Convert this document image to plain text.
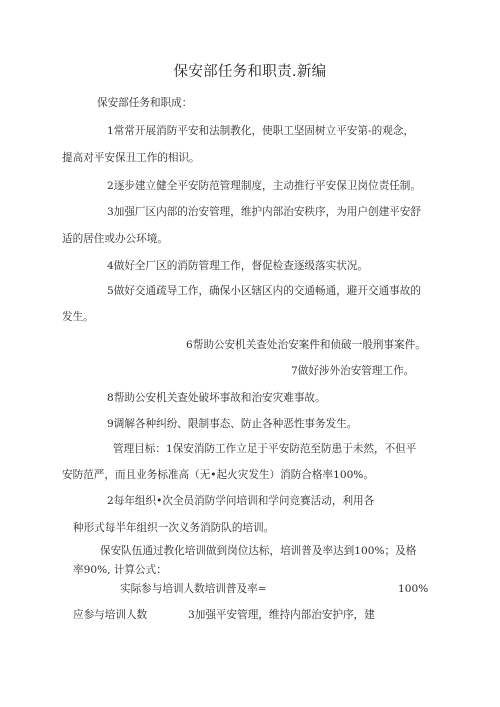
保安部任务和职责.新编
保安部任务和职成：
1常常开展消防平安和法制教化，使职工坚固树立平安第-的观念，
提高对平安保丑工作的相识。
2逐步建立健全平安防范管理制度，主动推行平安保卫岗位责任制。
3加强厂区内部的治安管理，维护内部治安秩序，为用户创建平安舒
适的居住或办公环境。
4做好全厂区的消防管理工作，督促检查逐级落实状况。
5做好交通疏导工作，确保小区辖区内的交通畅通，避开交通事故的
发生。
6帮助公安机关查处治安案件和侦破一般刑事案件。
7做好涉外治安管理工作。
8帮助公安机关查处破坏事故和治安灾难事故。
9调解各种纠纷、限制事态、防止各种恶性事务发生。
管理目标：1保安消防工作立足于平安防范至防患于未然，不但平
安防范严，而且业务标准高（无•起火灾发生）消防合格率100%。
2每年组织•次全员消防学问培训和学问竞赛活动，利用各
种形式每半年组织一次义务消防队的培训。
保安队伍通过教化培训做到岗位达标，培训普及率达到100%；及格
率90%, 计算公式：
实际参与培训人数培训普及率=	100%
应参与培训人数	3加强平安管理，维持内部治安护序，建
